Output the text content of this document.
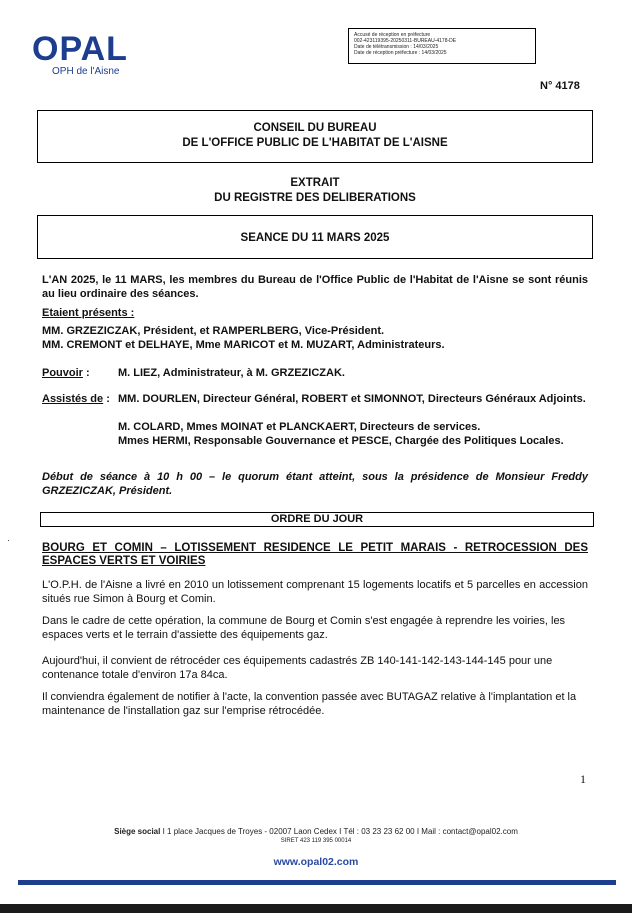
OPAL
OPH de l'Aisne
Accusé de réception en préfecture
002-423119395-20250311-BUREAU-4178-DE
Date de télétransmission : 14/03/2025
Date de réception préfecture : 14/03/2025
N° 4178
CONSEIL DU BUREAU
DE L'OFFICE PUBLIC DE L'HABITAT DE L'AISNE
EXTRAIT
DU REGISTRE DES DELIBERATIONS
SEANCE DU 11 MARS 2025
L'AN 2025, le 11 MARS, les membres du Bureau de l'Office Public de l'Habitat de l'Aisne se sont réunis au lieu ordinaire des séances.
Etaient présents :
MM. GRZEZICZAK, Président, et RAMPERLBERG, Vice-Président.
MM. CREMONT et DELHAYE, Mme MARICOT et M. MUZART, Administrateurs.
Pouvoir :	M. LIEZ, Administrateur, à M. GRZEZICZAK.
Assistés de : MM. DOURLEN, Directeur Général, ROBERT et SIMONNOT, Directeurs Généraux Adjoints.
M. COLARD, Mmes MOINAT et PLANCKAERT, Directeurs de services.
Mmes HERMI, Responsable Gouvernance et PESCE, Chargée des Politiques Locales.
Début de séance à 10 h 00 – le quorum étant atteint, sous la présidence de Monsieur Freddy GRZEZICZAK, Président.
ORDRE DU JOUR
BOURG ET COMIN – LOTISSEMENT RESIDENCE LE PETIT MARAIS - RETROCESSION DES ESPACES VERTS ET VOIRIES
L'O.P.H. de l'Aisne a livré en 2010 un lotissement comprenant 15 logements locatifs et 5 parcelles en accession situés rue Simon à Bourg et Comin.
Dans le cadre de cette opération, la commune de Bourg et Comin s'est engagée à reprendre les voiries, les espaces verts et le terrain d'assiette des équipements gaz.
Aujourd'hui, il convient de rétrocéder ces équipements cadastrés ZB 140-141-142-143-144-145 pour une contenance totale d'environ 17a 84ca.
Il conviendra également de notifier à l'acte, la convention passée avec BUTAGAZ relative à l'implantation et la maintenance de l'installation gaz sur l'emprise rétrocédée.
1
Siège social I 1 place Jacques de Troyes - 02007 Laon Cedex I Tél : 03 23 23 62 00 I Mail : contact@opal02.com
SIRET 423 119 395 00014
www.opal02.com
